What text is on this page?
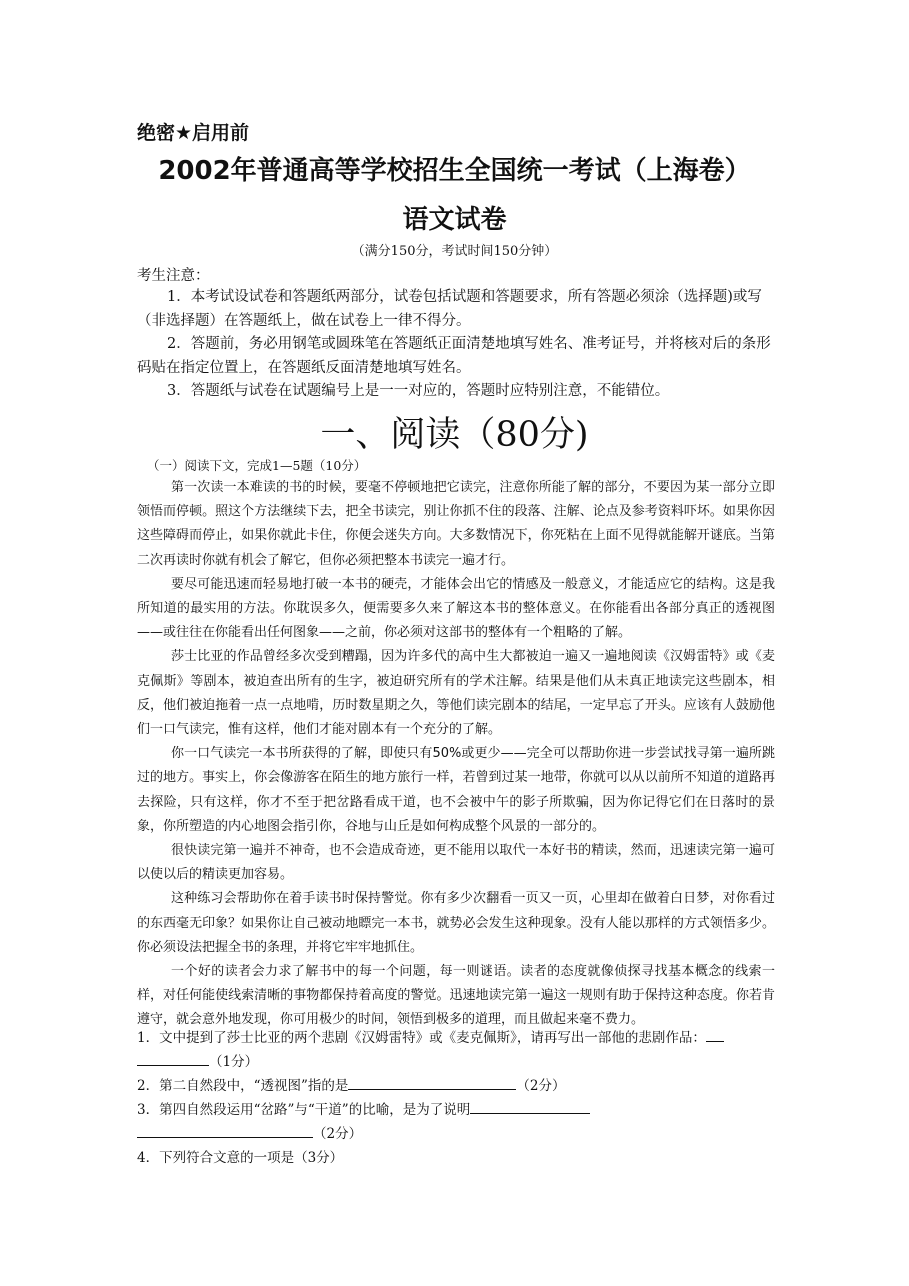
绝密★启用前
2002年普通高等学校招生全国统一考试（上海卷）
语文试卷
（满分150分，考试时间150分钟）
考生注意：

1．本考试设试卷和答题纸两部分，试卷包括试题和答题要求，所有答题必须涂（选择题)或写（非选择题）在答题纸上，做在试卷上一律不得分。

2．答题前，务必用钢笔或圆珠笔在答题纸正面清楚地填写姓名、准考证号，并将核对后的条形码贴在指定位置上，在答题纸反面清楚地填写姓名。

3．答题纸与试卷在试题编号上是一一对应的，答题时应特别注意，不能错位。

一、阅读（80分)
（一）阅读下文，完成1—5题（10分）

第一次读一本难读的书的时候，要毫不停顿地把它读完，注意你所能了解的部分，不要因为某一部分立即领悟而停顿。照这个方法继续下去，把全书读完，别让你抓不住的段落、注解、论点及参考资料吓坏。如果你因这些障碍而停止，如果你就此卡住，你便会迷失方向。大多数情况下，你死粘在上面不见得就能解开谜底。当第二次再读时你就有机会了解它，但你必须把整本书读完一遍才行。

要尽可能迅速而轻易地打破一本书的硬壳，才能体会出它的情感及一般意义，才能适应它的结构。这是我所知道的最实用的方法。你耽误多久，便需要多久来了解这本书的整体意义。在你能看出各部分真正的透视图——或往往在你能看出任何图象——之前，你必须对这部书的整体有一个粗略的了解。

莎士比亚的作品曾经多次受到糟蹋，因为许多代的高中生大都被迫一遍又一遍地阅读《汉姆雷特》或《麦克佩斯》等剧本，被迫查出所有的生字，被迫研究所有的学术注解。结果是他们从未真正地读完这些剧本，相反，他们被迫拖着一点一点地啃，历时数星期之久，等他们读完剧本的结尾，一定早忘了开头。应该有人鼓励他们一口气读完，惟有这样，他们才能对剧本有一个充分的了解。

你一口气读完一本书所获得的了解，即使只有50%或更少——完全可以帮助你进一步尝试找寻第一遍所跳过的地方。事实上，你会像游客在陌生的地方旅行一样，若曾到过某一地带，你就可以从以前所不知道的道路再去探险，只有这样，你才不至于把岔路看成干道，也不会被中午的影子所欺骗，因为你记得它们在日落时的景象，你所塑造的内心地图会指引你，谷地与山丘是如何构成整个风景的一部分的。

很快读完第一遍并不神奇，也不会造成奇迹，更不能用以取代一本好书的精读，然而，迅速读完第一遍可以使以后的精读更加容易。

这种练习会帮助你在着手读书时保持警觉。你有多少次翻看一页又一页，心里却在做着白日梦，对你看过的东西毫无印象？如果你让自己被动地瞟完一本书，就势必会发生这种现象。没有人能以那样的方式领悟多少。你必须设法把握全书的条理，并将它牢牢地抓住。

一个好的读者会力求了解书中的每一个问题，每一则谜语。读者的态度就像侦探寻找基本概念的线索一样，对任何能使线索清晰的事物都保持着高度的警觉。迅速地读完第一遍这一规则有助于保持这种态度。你若肯遵守，就会意外地发现，你可用极少的时间，领悟到极多的道理，而且做起来毫不费力。

1．文中提到了莎士比亚的两个悲剧《汉姆雷特》或《麦克佩斯》，请再写出一部他的悲剧作品：
（1分）
2．第二自然段中，“透视图”指的是	（2分）
3．第四自然段运用“岔路”与“干道”的比喻，是为了说明
（2分）
4．下列符合文意的一项是（3分）
